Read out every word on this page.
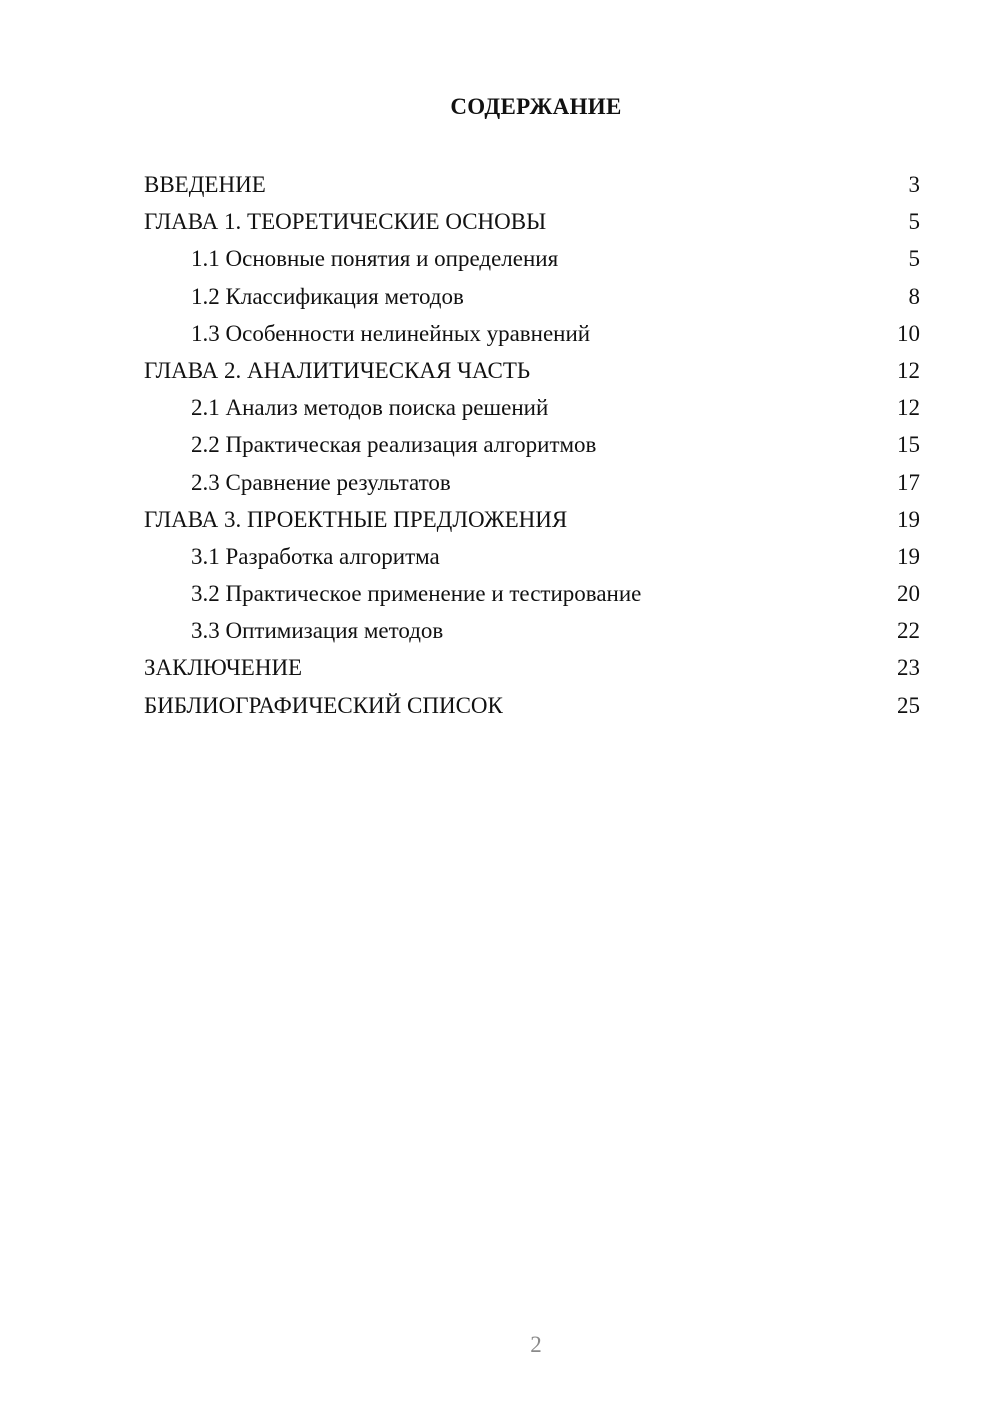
СОДЕРЖАНИЕ
ВВЕДЕНИЕ	3
ГЛАВА 1. ТЕОРЕТИЧЕСКИЕ ОСНОВЫ	5
1.1 Основные понятия и определения	5
1.2 Классификация методов	8
1.3 Особенности нелинейных уравнений	10
ГЛАВА 2. АНАЛИТИЧЕСКАЯ ЧАСТЬ	12
2.1 Анализ методов поиска решений	12
2.2 Практическая реализация алгоритмов	15
2.3 Сравнение результатов	17
ГЛАВА 3. ПРОЕКТНЫЕ ПРЕДЛОЖЕНИЯ	19
3.1 Разработка алгоритма	19
3.2 Практическое применение и тестирование	20
3.3 Оптимизация методов	22
ЗАКЛЮЧЕНИЕ	23
БИБЛИОГРАФИЧЕСКИЙ СПИСОК	25
2
